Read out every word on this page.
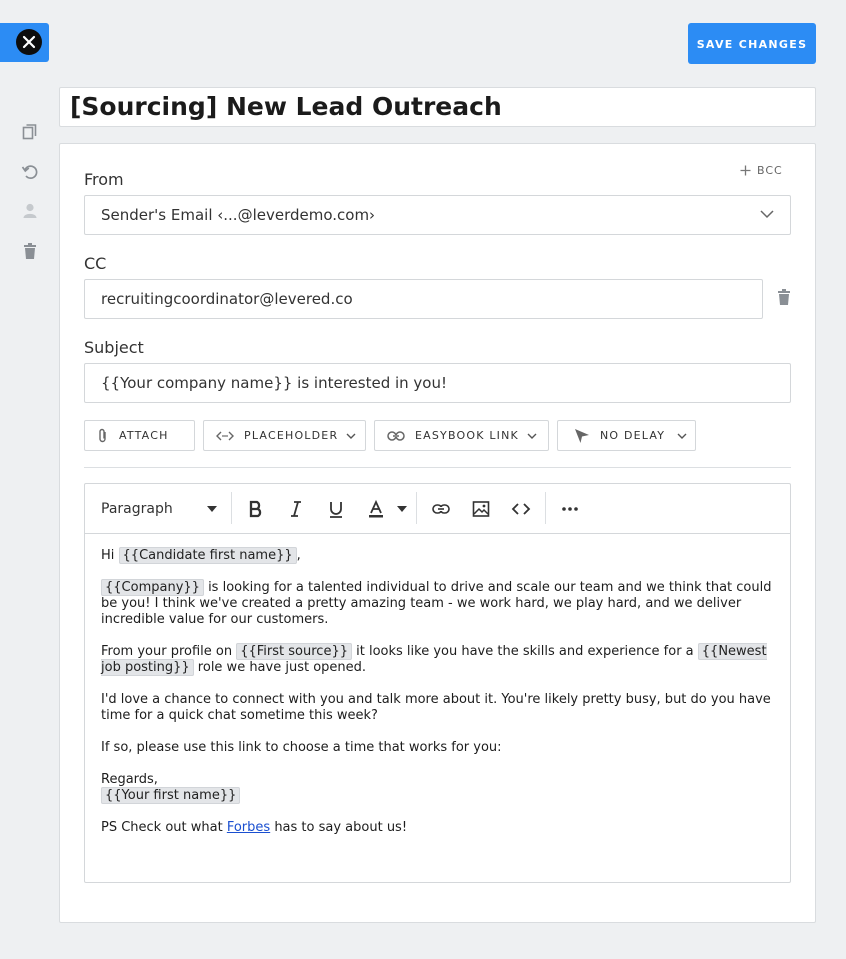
SAVE CHANGES
[Sourcing] New Lead Outreach
BCC
From
Sender's Email ‹...@leverdemo.com›
CC
recruitingcoordinator@levered.co
Subject
{{Your company name}} is interested in you!
ATTACH	PLACEHOLDER	EASYBOOK LINK	NO DELAY
Paragraph

Hi {{Candidate first name}} ,

{{Company}} is looking for a talented individual to drive and scale our team and we think that could be you! I think we've created a pretty amazing team - we work hard, we play hard, and we deliver incredible value for our customers.

From your profile on {{First source}} it looks like you have the skills and experience for a {{Newest job posting}} role we have just opened.

I'd love a chance to connect with you and talk more about it. You're likely pretty busy, but do you have time for a quick chat sometime this week?

If so, please use this link to choose a time that works for you:

Regards,
{{Your first name}}

PS Check out what Forbes has to say about us!
